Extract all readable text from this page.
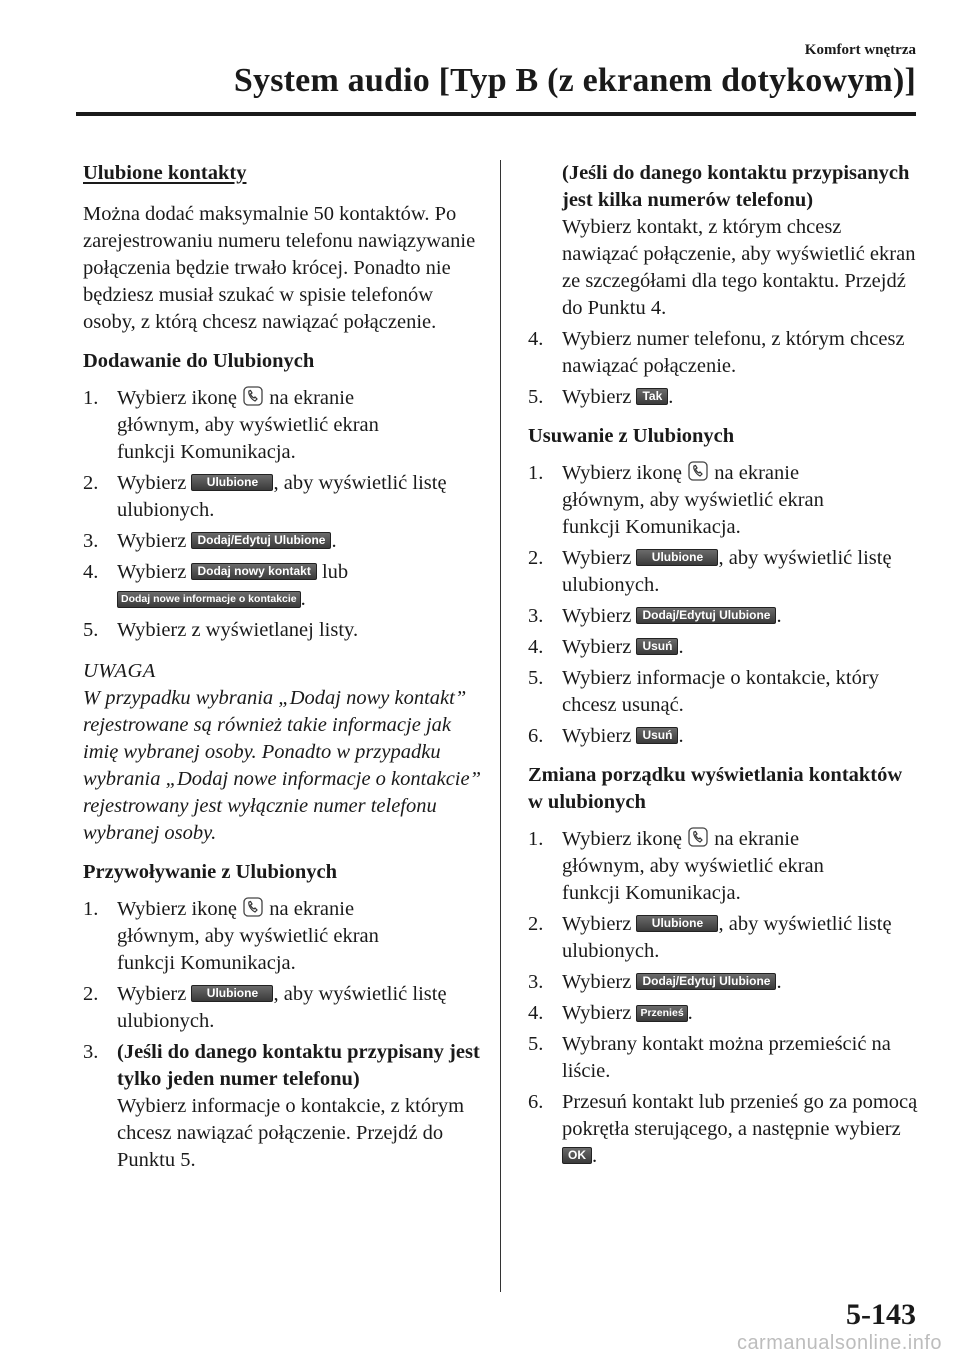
Komfort wnętrza
System audio [Typ B (z ekranem dotykowym)]
Ulubione kontakty
Można dodać maksymalnie 50 kontaktów. Po zarejestrowaniu numeru telefonu nawiązywanie połączenia będzie trwało krócej. Ponadto nie będziesz musiał szukać w spisie telefonów osoby, z którą chcesz nawiązać połączenie.
Dodawanie do Ulubionych
1. Wybierz ikonę na ekranie
głównym, aby wyświetlić ekran
funkcji Komunikacja.
2. Wybierz Ulubione , aby wyświetlić listę
ulubionych.
3. Wybierz Dodaj/Edytuj Ulubione .
4. Wybierz Dodaj nowy kontakt lub
Dodaj nowe informacje o kontakcie .
5. Wybierz z wyświetlanej listy.
UWAGA
W przypadku wybrania „Dodaj nowy kontakt” rejestrowane są również takie informacje jak imię wybranej osoby. Ponadto w przypadku wybrania „Dodaj nowe informacje o kontakcie” rejestrowany jest wyłącznie numer telefonu wybranej osoby.
Przywoływanie z Ulubionych
1. Wybierz ikonę na ekranie
głównym, aby wyświetlić ekran
funkcji Komunikacja.
2. Wybierz Ulubione , aby wyświetlić listę
ulubionych.
3. (Jeśli do danego kontaktu przypisany jest tylko jeden numer telefonu)
Wybierz informacje o kontakcie, z którym chcesz nawiązać połączenie. Przejdź do Punktu 5.
(Jeśli do danego kontaktu przypisanych jest kilka numerów telefonu)
Wybierz kontakt, z którym chcesz nawiązać połączenie, aby wyświetlić ekran ze szczegółami dla tego kontaktu. Przejdź do Punktu 4.
4. Wybierz numer telefonu, z którym chcesz nawiązać połączenie.
5. Wybierz Tak .
Usuwanie z Ulubionych
1. Wybierz ikonę na ekranie
głównym, aby wyświetlić ekran
funkcji Komunikacja.
2. Wybierz Ulubione , aby wyświetlić listę
ulubionych.
3. Wybierz Dodaj/Edytuj Ulubione .
4. Wybierz Usuń .
5. Wybierz informacje o kontakcie, który chcesz usunąć.
6. Wybierz Usuń .
Zmiana porządku wyświetlania kontaktów w ulubionych
1. Wybierz ikonę na ekranie
głównym, aby wyświetlić ekran
funkcji Komunikacja.
2. Wybierz Ulubione , aby wyświetlić listę
ulubionych.
3. Wybierz Dodaj/Edytuj Ulubione .
4. Wybierz Przenieś .
5. Wybrany kontakt można przemieścić na liście.
6. Przesuń kontakt lub przenieś go za pomocą pokrętła sterującego, a następnie wybierz OK .
5-143
carmanualsonline.info
